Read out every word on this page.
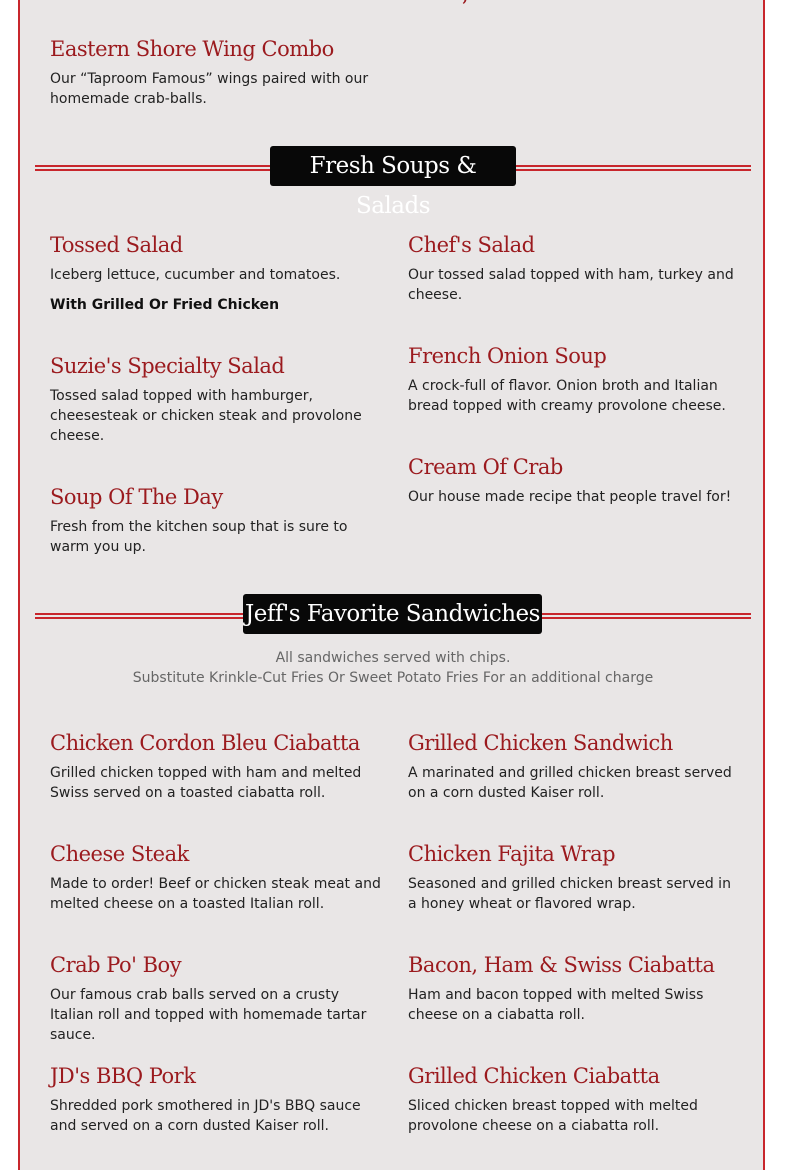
Eastern Shore Wing Combo
Our “Taproom Famous” wings paired with our homemade crab-balls.
Fresh Soups & Salads
Tossed Salad
Iceberg lettuce, cucumber and tomatoes.
With Grilled Or Fried Chicken
Suzie's Specialty Salad
Tossed salad topped with hamburger, cheesesteak or chicken steak and provolone cheese.
Soup Of The Day
Fresh from the kitchen soup that is sure to warm you up.
Chef's Salad
Our tossed salad topped with ham, turkey and cheese.
French Onion Soup
A crock-full of flavor. Onion broth and Italian bread topped with creamy provolone cheese.
Cream Of Crab
Our house made recipe that people travel for!
Jeff's Favorite Sandwiches
All sandwiches served with chips.
Substitute Krinkle-Cut Fries Or Sweet Potato Fries For an additional charge
Chicken Cordon Bleu Ciabatta
Grilled chicken topped with ham and melted Swiss served on a toasted ciabatta roll.
Cheese Steak
Made to order! Beef or chicken steak meat and melted cheese on a toasted Italian roll.
Crab Po' Boy
Our famous crab balls served on a crusty Italian roll and topped with homemade tartar sauce.
JD's BBQ Pork
Shredded pork smothered in JD's BBQ sauce and served on a corn dusted Kaiser roll.
Grilled Chicken Sandwich
A marinated and grilled chicken breast served on a corn dusted Kaiser roll.
Chicken Fajita Wrap
Seasoned and grilled chicken breast served in a honey wheat or flavored wrap.
Bacon, Ham & Swiss Ciabatta
Ham and bacon topped with melted Swiss cheese on a ciabatta roll.
Grilled Chicken Ciabatta
Sliced chicken breast topped with melted provolone cheese on a ciabatta roll.
